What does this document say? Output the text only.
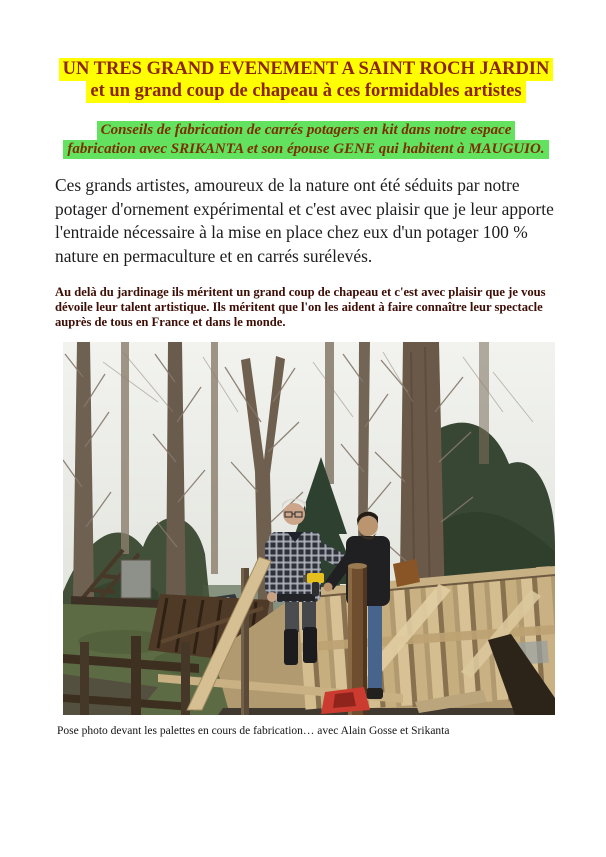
UN TRES GRAND EVENEMENT A SAINT ROCH JARDIN
et un grand coup de chapeau à ces formidables artistes
Conseils de fabrication de carrés potagers en kit dans notre espace
fabrication avec SRIKANTA et son épouse GENE qui habitent à MAUGUIO.

Ces grands artistes, amoureux de la nature ont été séduits par notre potager d'ornement expérimental et c'est avec plaisir que je leur apporte l'entraide nécessaire à la mise en place chez eux d'un potager 100 % nature en permaculture et en carrés surélevés.

Au delà du jardinage ils méritent un grand coup de chapeau et c'est avec plaisir que je vous dévoile leur talent artistique. Ils méritent que l'on les aident à faire connaître leur spectacle auprès de tous en France et dans le monde.

Pose photo devant les palettes en cours de fabrication… avec Alain Gosse et Srikanta
